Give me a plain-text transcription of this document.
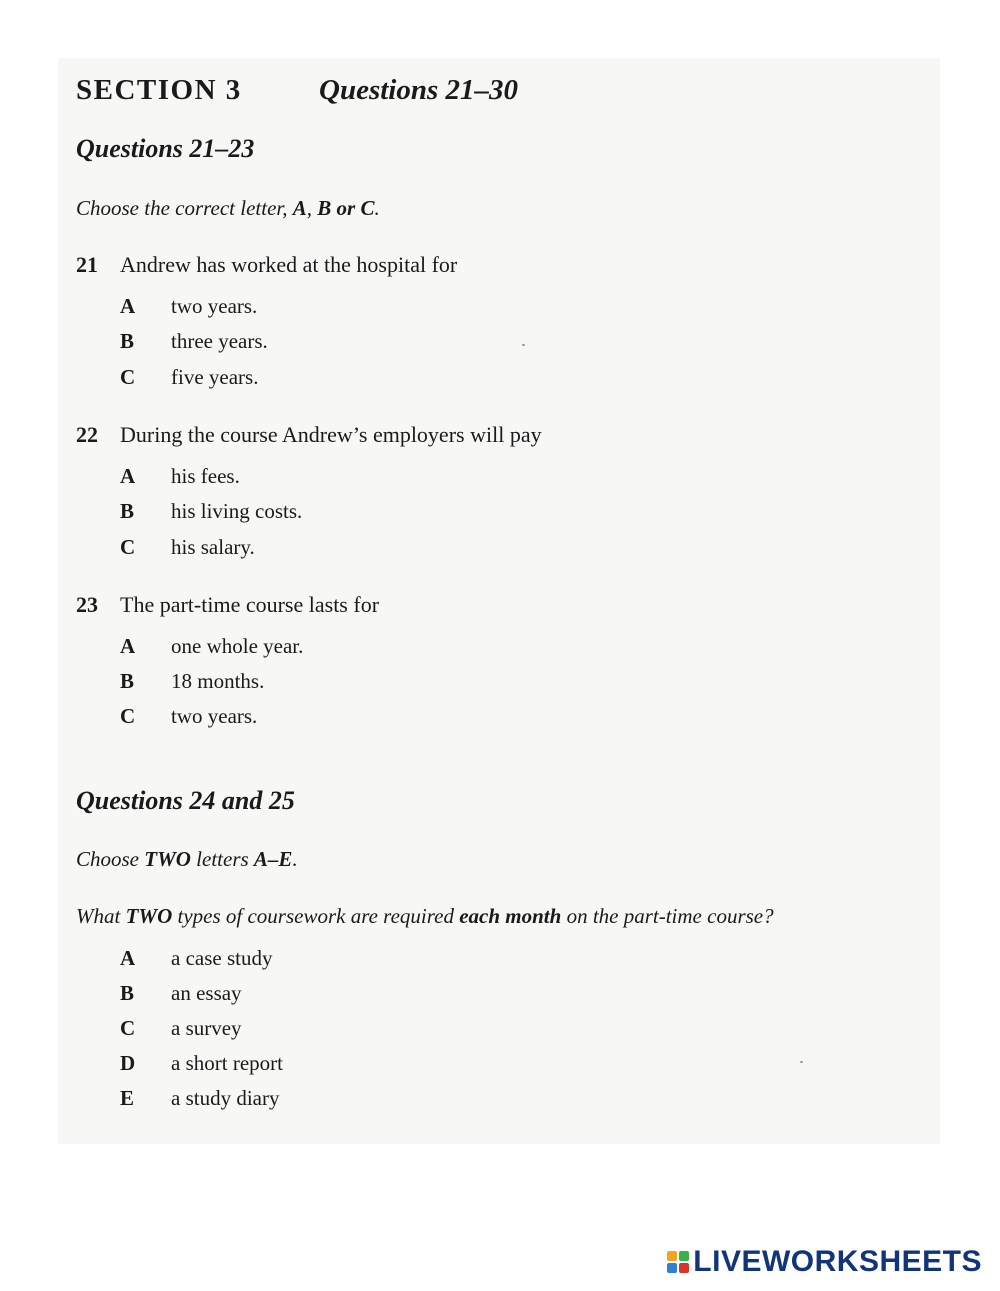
SECTION 3	Questions 21–30
Questions 21–23
Choose the correct letter, A, B or C.
21 Andrew has worked at the hospital for
A two years.
B three years.
C five years.
22 During the course Andrew’s employers will pay
A his fees.
B his living costs.
C his salary.
23 The part-time course lasts for
A one whole year.
B 18 months.
C two years.
Questions 24 and 25
Choose TWO letters A–E.
What TWO types of coursework are required each month on the part-time course?
A a case study
B an essay
C a survey
D a short report
E a study diary
LIVEWORKSHEETS
